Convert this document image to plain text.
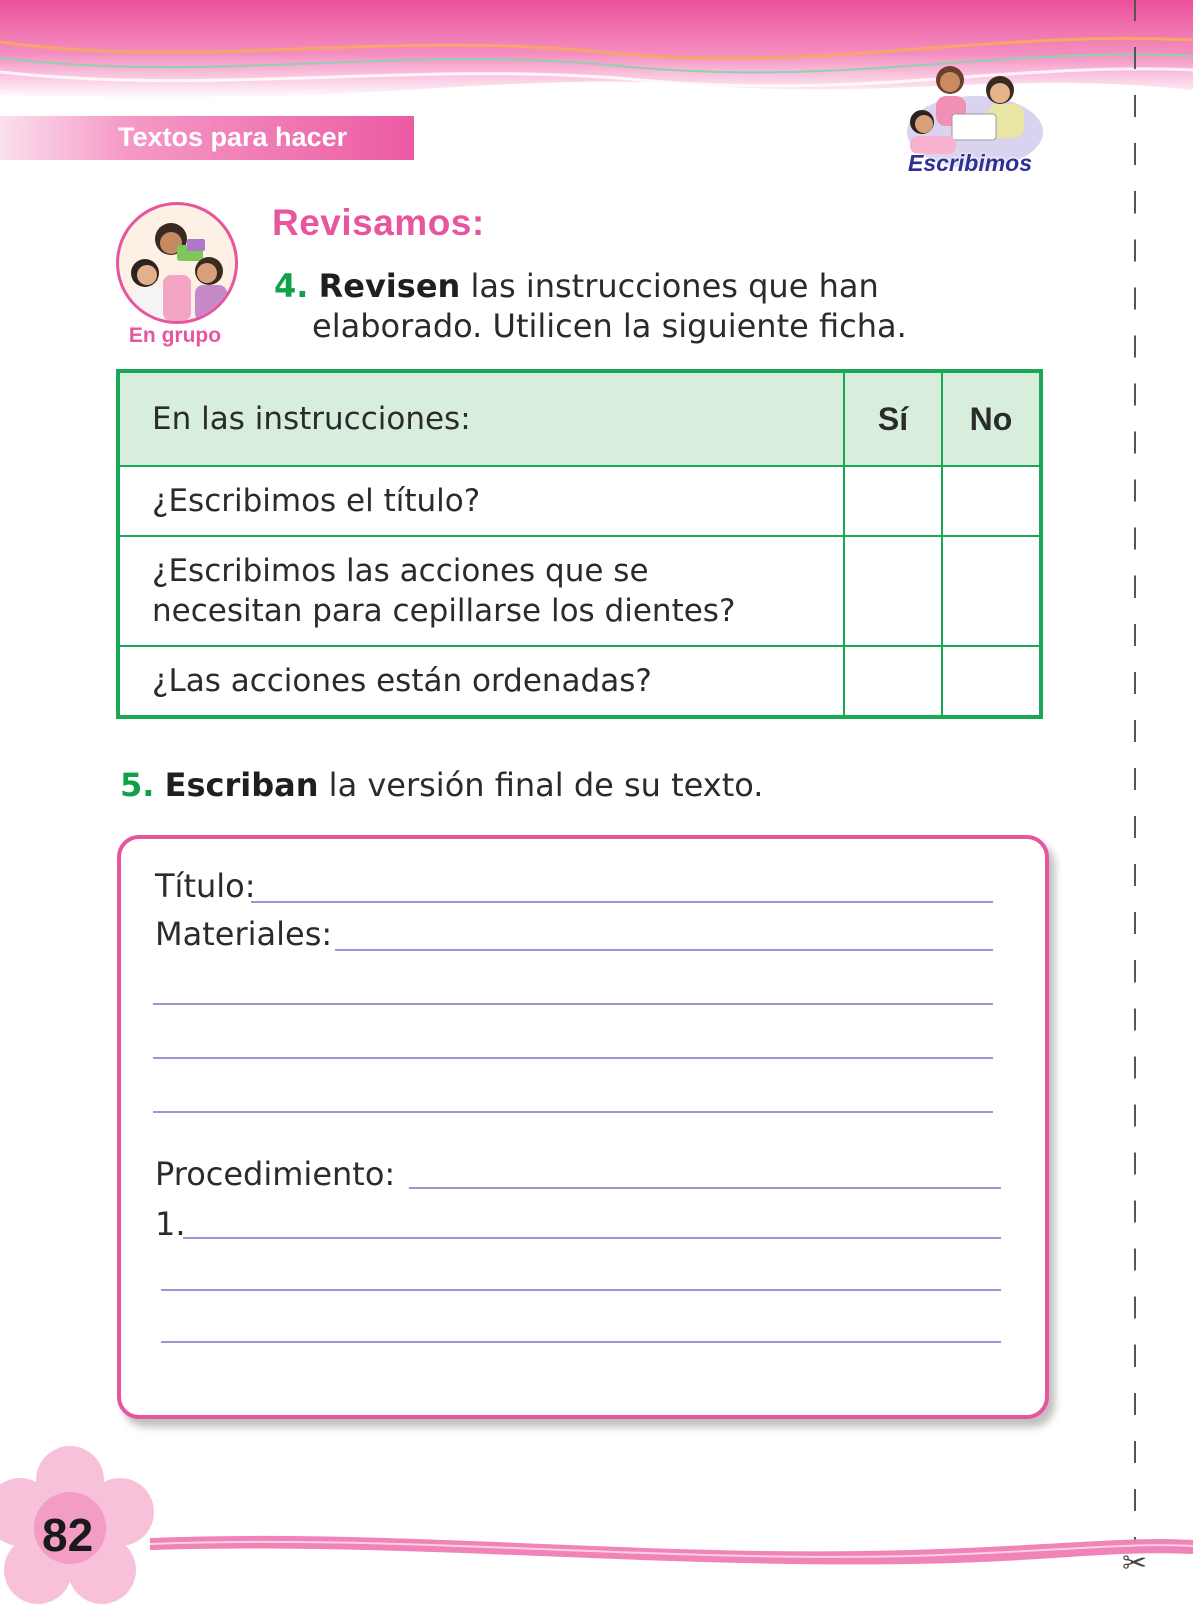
Textos para hacer
Escribimos
✂
En grupo
Revisamos:
4. Revisen las instrucciones que han
elaborado. Utilicen la siguiente ficha.
En las instrucciones:	Sí	No
¿Escribimos el título?		

¿Escribimos las acciones que se
necesitan para cepillarse los dientes?		

¿Las acciones están ordenadas?		
5. Escriban la versión final de su texto.
Título:
Materiales:
Procedimiento:
1.
82
